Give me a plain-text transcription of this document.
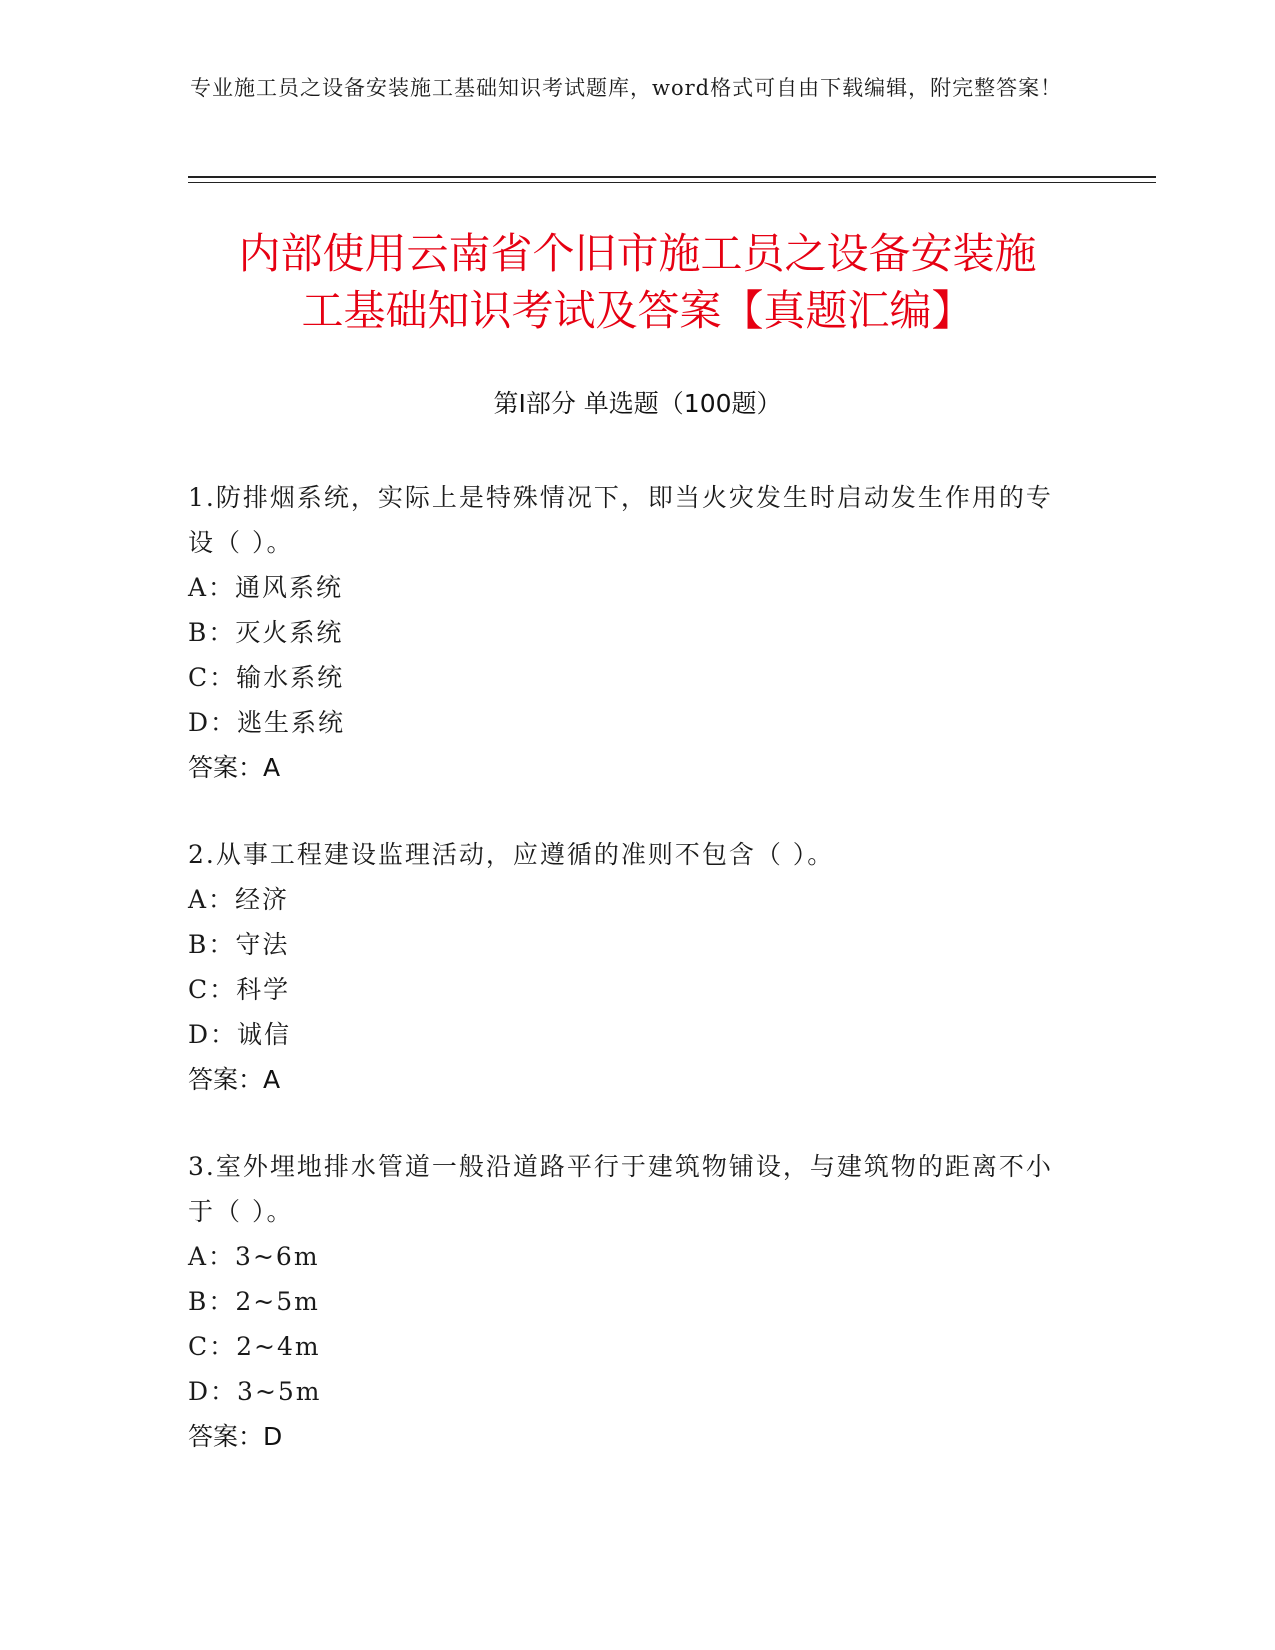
专业施工员之设备安装施工基础知识考试题库，word格式可自由下载编辑，附完整答案！
内部使用云南省个旧市施工员之设备安装施
工基础知识考试及答案【真题汇编】
第Ⅰ部分 单选题（100题）

1.防排烟系统，实际上是特殊情况下，即当火灾发生时启动发生作用的专设（ ）。

A：通风系统

B：灭火系统

C：输水系统

D：逃生系统

答案：A

2.从事工程建设监理活动，应遵循的准则不包含（ ）。

A：经济

B：守法

C：科学

D：诚信

答案：A

3.室外埋地排水管道一般沿道路平行于建筑物铺设，与建筑物的距离不小于（ ）。

A：3~6m

B：2~5m

C：2~4m

D：3~5m

答案：D
